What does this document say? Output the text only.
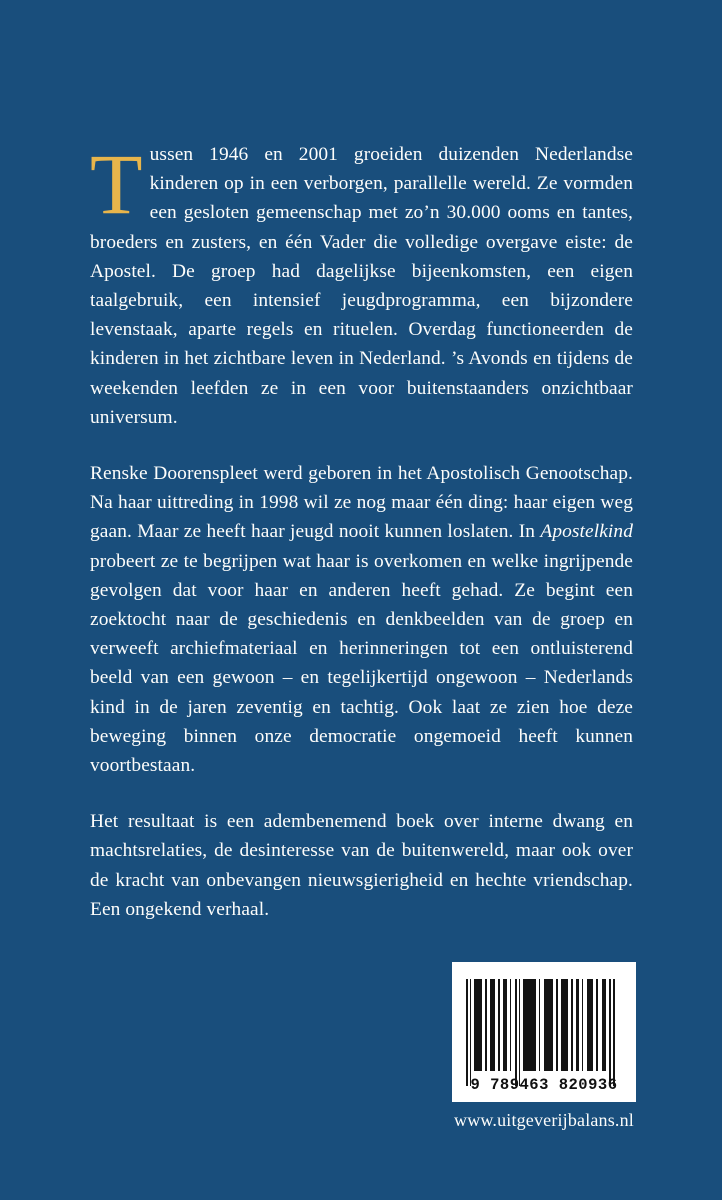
Tussen 1946 en 2001 groeiden duizenden Nederlandse kinderen op in een verborgen, parallelle wereld. Ze vormden een gesloten gemeenschap met zo’n 30.000 ooms en tantes, broeders en zusters, en één Vader die volledige overgave eiste: de Apostel. De groep had dagelijkse bijeenkomsten, een eigen taalgebruik, een intensief jeugdprogramma, een bijzondere levenstaak, aparte regels en rituelen. Overdag functioneerden de kinderen in het zichtbare leven in Nederland. ’s Avonds en tijdens de weekenden leefden ze in een voor buitenstaanders onzichtbaar universum.

Renske Doorenspleet werd geboren in het Apostolisch Genootschap. Na haar uittreding in 1998 wil ze nog maar één ding: haar eigen weg gaan. Maar ze heeft haar jeugd nooit kunnen loslaten. In Apostelkind probeert ze te begrijpen wat haar is overkomen en welke ingrijpende gevolgen dat voor haar en anderen heeft gehad. Ze begint een zoektocht naar de geschiedenis en denkbeelden van de groep en verweeft archiefmateriaal en herinneringen tot een ontluisterend beeld van een gewoon – en tegelijkertijd ongewoon – Nederlands kind in de jaren zeventig en tachtig. Ook laat ze zien hoe deze beweging binnen onze democratie ongemoeid heeft kunnen voortbestaan.

Het resultaat is een adembenemend boek over interne dwang en machtsrelaties, de desinteresse van de buitenwereld, maar ook over de kracht van onbevangen nieuwsgierigheid en hechte vriendschap. Een ongekend verhaal.

9 789463 820936
www.uitgeverijbalans.nl
